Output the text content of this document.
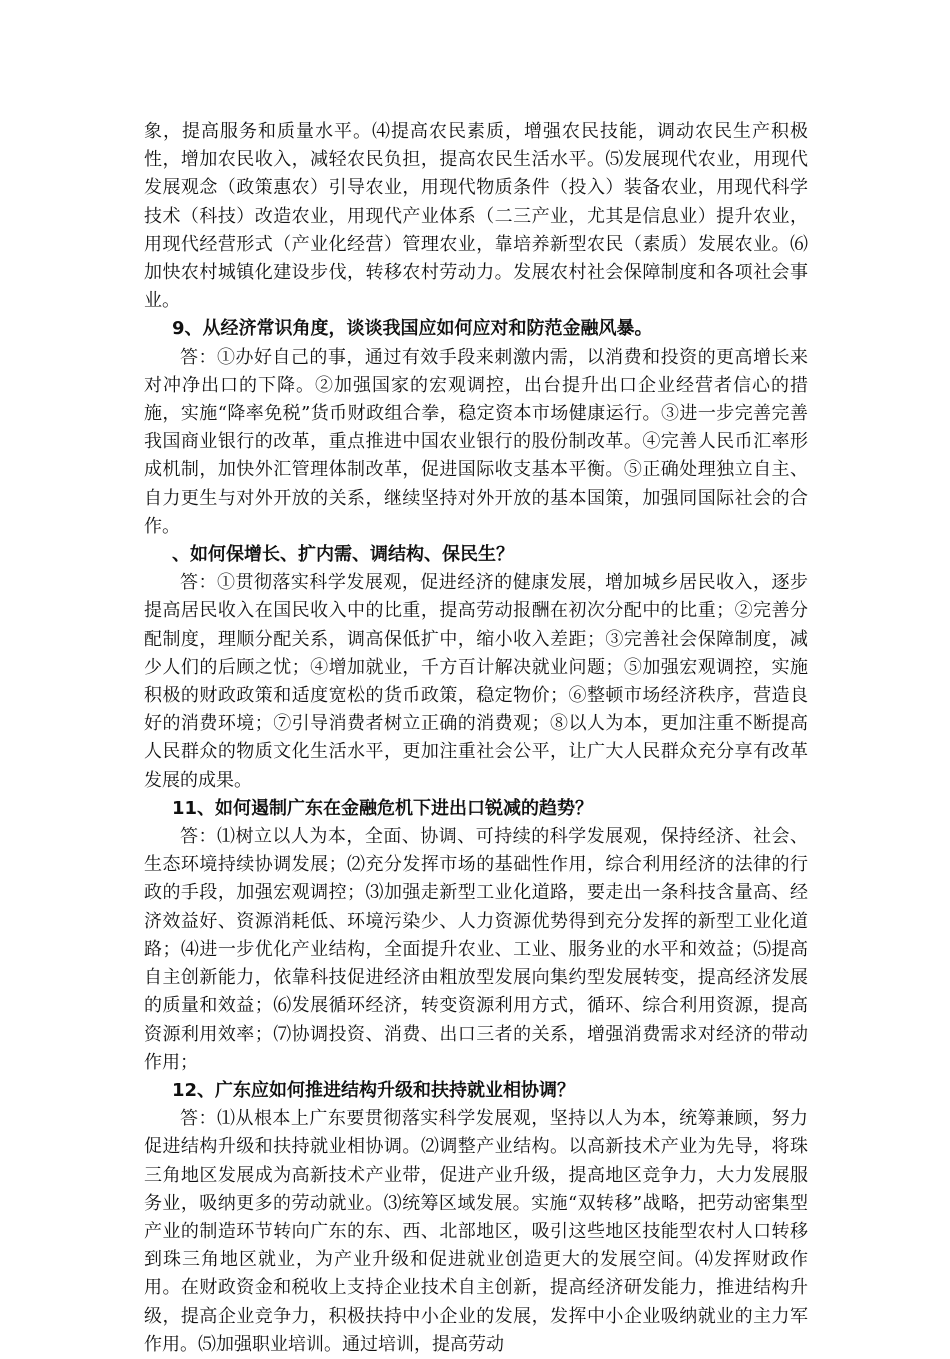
象，提高服务和质量水平。⑷提高农民素质，增强农民技能，调动农民生产积极性，增加农民收入，减轻农民负担，提高农民生活水平。⑸发展现代农业，用现代发展观念（政策惠农）引导农业，用现代物质条件（投入）装备农业，用现代科学技术（科技）改造农业，用现代产业体系（二三产业，尤其是信息业）提升农业，用现代经营形式（产业化经营）管理农业，靠培养新型农民（素质）发展农业。⑹加快农村城镇化建设步伐，转移农村劳动力。发展农村社会保障制度和各项社会事业。

9、从经济常识角度，谈谈我国应如何应对和防范金融风暴。

答：①办好自己的事，通过有效手段来刺激内需，以消费和投资的更高增长来对冲净出口的下降。②加强国家的宏观调控，出台提升出口企业经营者信心的措施，实施“降率免税”货币财政组合拳，稳定资本市场健康运行。③进一步完善完善我国商业银行的改革，重点推进中国农业银行的股份制改革。④完善人民币汇率形成机制，加快外汇管理体制改革，促进国际收支基本平衡。⑤正确处理独立自主、自力更生与对外开放的关系，继续坚持对外开放的基本国策，加强同国际社会的合作。

、如何保增长、扩内需、调结构、保民生？

答：①贯彻落实科学发展观，促进经济的健康发展，增加城乡居民收入，逐步提高居民收入在国民收入中的比重，提高劳动报酬在初次分配中的比重；②完善分配制度，理顺分配关系，调高保低扩中，缩小收入差距；③完善社会保障制度，减少人们的后顾之忧；④增加就业，千方百计解决就业问题；⑤加强宏观调控，实施积极的财政政策和适度宽松的货币政策，稳定物价；⑥整顿市场经济秩序，营造良好的消费环境；⑦引导消费者树立正确的消费观；⑧以人为本，更加注重不断提高人民群众的物质文化生活水平，更加注重社会公平，让广大人民群众充分享有改革发展的成果。

11、如何遏制广东在金融危机下进出口锐减的趋势？

答：⑴树立以人为本，全面、协调、可持续的科学发展观，保持经济、社会、生态环境持续协调发展；⑵充分发挥市场的基础性作用，综合利用经济的法律的行政的手段，加强宏观调控；⑶加强走新型工业化道路，要走出一条科技含量高、经济效益好、资源消耗低、环境污染少、人力资源优势得到充分发挥的新型工业化道路；⑷进一步优化产业结构，全面提升农业、工业、服务业的水平和效益；⑸提高自主创新能力，依靠科技促进经济由粗放型发展向集约型发展转变，提高经济发展的质量和效益；⑹发展循环经济，转变资源利用方式，循环、综合利用资源，提高资源利用效率；⑺协调投资、消费、出口三者的关系，增强消费需求对经济的带动作用；

12、广东应如何推进结构升级和扶持就业相协调？

答：⑴从根本上广东要贯彻落实科学发展观，坚持以人为本，统筹兼顾，努力促进结构升级和扶持就业相协调。⑵调整产业结构。以高新技术产业为先导，将珠三角地区发展成为高新技术产业带，促进产业升级，提高地区竞争力，大力发展服务业，吸纳更多的劳动就业。⑶统筹区域发展。实施“双转移”战略，把劳动密集型产业的制造环节转向广东的东、西、北部地区，吸引这些地区技能型农村人口转移到珠三角地区就业，为产业升级和促进就业创造更大的发展空间。⑷发挥财政作用。在财政资金和税收上支持企业技术自主创新，提高经济研发能力，推进结构升级，提高企业竞争力，积极扶持中小企业的发展，发挥中小企业吸纳就业的主力军作用。⑸加强职业培训。通过培训，提高劳动
